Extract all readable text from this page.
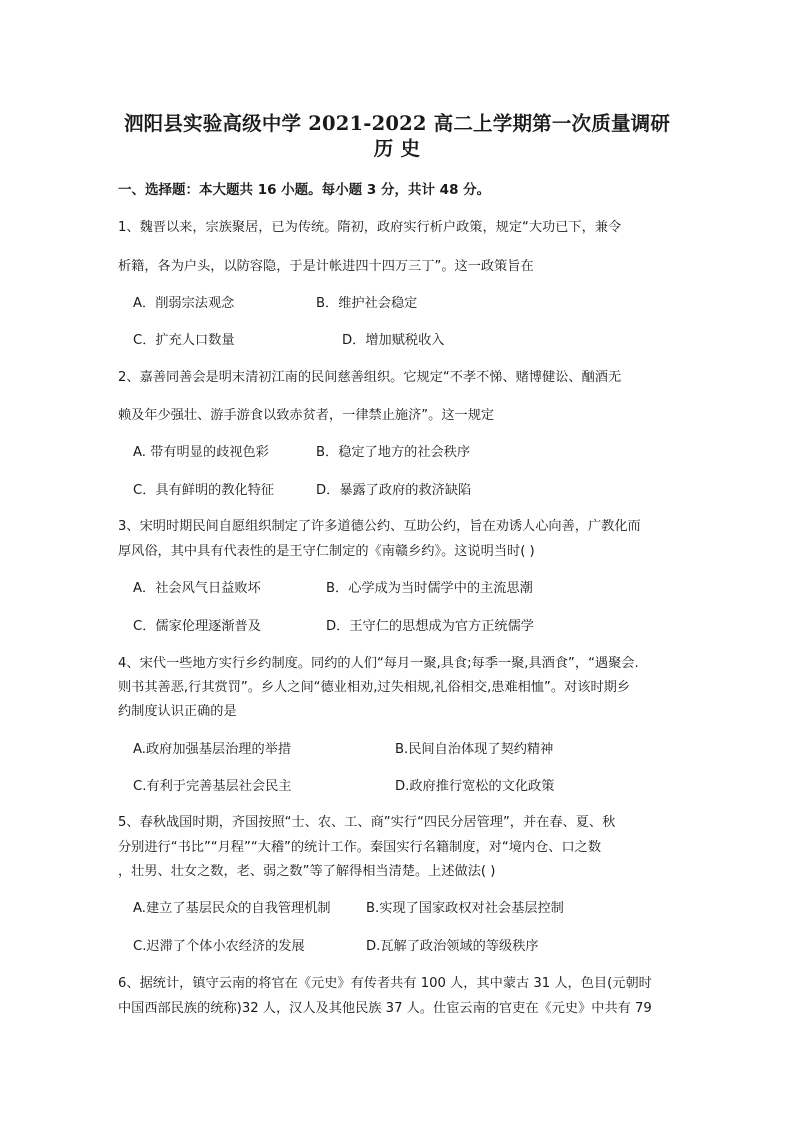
泗阳县实验高级中学 2021-2022 高二上学期第一次质量调研
历 史
一、选择题：本大题共 16 小题。每小题 3 分，共计 48 分。
1、魏晋以来，宗族聚居，已为传统。隋初，政府实行析户政策，规定“大功已下，兼令
析籍，各为户头，以防容隐，于是计帐进四十四万三丁”。这一政策旨在
A．削弱宗法观念	B．维护社会稳定
C．扩充人口数量	D．增加赋税收入
2、嘉善同善会是明末清初江南的民间慈善组织。它规定“不孝不悌、赌博健讼、酗酒无
赖及年少强壮、游手游食以致赤贫者，一律禁止施济”。这一规定
A. 带有明显的歧视色彩	B．稳定了地方的社会秩序
C．具有鲜明的教化特征	D．暴露了政府的救济缺陷
3、宋明时期民间自愿组织制定了许多道德公约、互助公约，旨在劝诱人心向善，广教化而
厚风俗，其中具有代表性的是王守仁制定的《南赣乡约》。这说明当时( )
A．社会风气日益败坏	B．心学成为当时儒学中的主流思潮
C．儒家伦理逐渐普及	D．王守仁的思想成为官方正统儒学
4、宋代一些地方实行乡约制度。同约的人们“每月一聚,具食;每季一聚,具酒食”，“遇聚会.
则书其善恶,行其赏罚”。乡人之间“德业相劝,过失相规,礼俗相交,患难相恤”。对该时期乡
约制度认识正确的是
A.政府加强基层治理的举措	B.民间自治体现了契约精神
C.有利于完善基层社会民主	D.政府推行宽松的文化政策
5、春秋战国时期，齐国按照“士、农、工、商”实行“四民分居管理”，并在春、夏、秋
分别进行“书比”“月程”“大稽”的统计工作。秦国实行名籍制度，对“境内仓、口之数
，壮男、壮女之数，老、弱之数”等了解得相当清楚。上述做法( )
A.建立了基层民众的自我管理机制	B.实现了国家政权对社会基层控制
C.迟滞了个体小农经济的发展	D.瓦解了政治领域的等级秩序
6、据统计，镇守云南的将官在《元史》有传者共有 100 人，其中蒙古 31 人，色目(元朝时
中国西部民族的统称)32 人，汉人及其他民族 37 人。仕宦云南的官吏在《元史》中共有 79
